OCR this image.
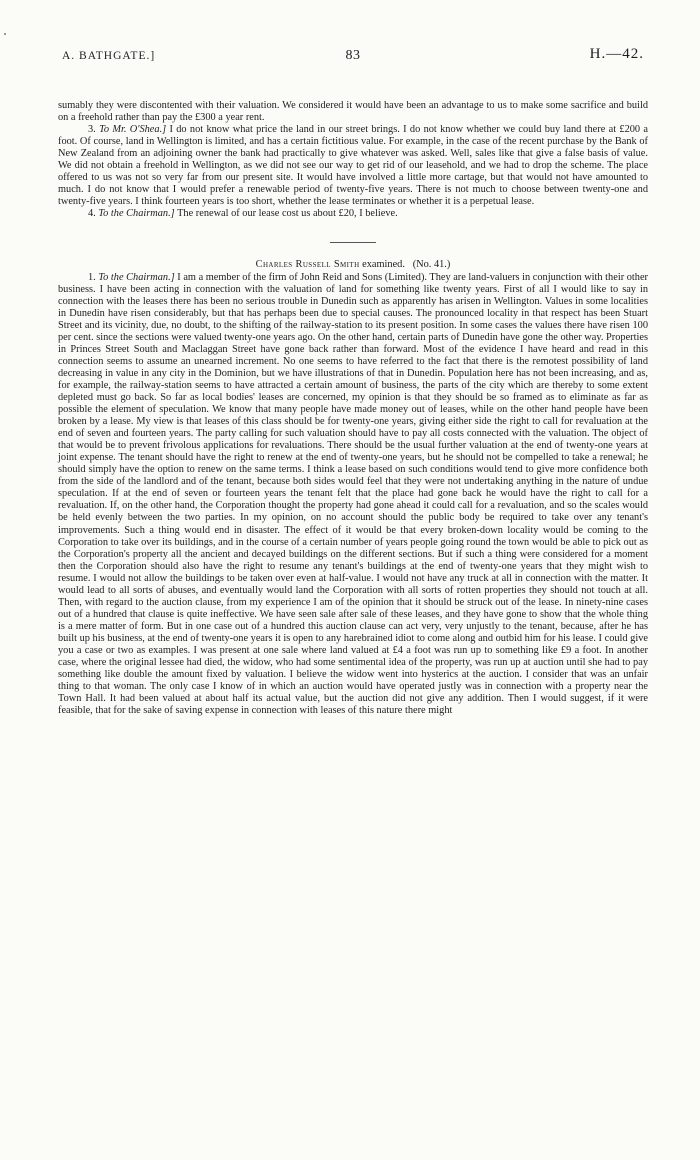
A. BATHGATE.]	83	H.—42.

sumably they were discontented with their valuation. We considered it would have been an advantage to us to make some sacrifice and build on a freehold rather than pay the £300 a year rent.

3. To Mr. O'Shea.] I do not know what price the land in our street brings. I do not know whether we could buy land there at £200 a foot. Of course, land in Wellington is limited, and has a certain fictitious value. For example, in the case of the recent purchase by the Bank of New Zealand from an adjoining owner the bank had practically to give whatever was asked. Well, sales like that give a false basis of value. We did not obtain a freehold in Wellington, as we did not see our way to get rid of our leasehold, and we had to drop the scheme. The place offered to us was not so very far from our present site. It would have involved a little more cartage, but that would not have amounted to much. I do not know that I would prefer a renewable period of twenty-five years. There is not much to choose between twenty-one and twenty-five years. I think fourteen years is too short, whether the lease terminates or whether it is a perpetual lease.

4. To the Chairman.] The renewal of our lease cost us about £20, I believe.

Charles Russell Smith examined. (No. 41.)

1. To the Chairman.] I am a member of the firm of John Reid and Sons (Limited). They are land-valuers in conjunction with their other business. I have been acting in connection with the valuation of land for something like twenty years. First of all I would like to say in connection with the leases there has been no serious trouble in Dunedin such as apparently has arisen in Wellington. Values in some localities in Dunedin have risen considerably, but that has perhaps been due to special causes. The pronounced locality in that respect has been Stuart Street and its vicinity, due, no doubt, to the shifting of the railway-station to its present position. In some cases the values there have risen 100 per cent. since the sections were valued twenty-one years ago. On the other hand, certain parts of Dunedin have gone the other way. Properties in Princes Street South and Maclaggan Street have gone back rather than forward. Most of the evidence I have heard and read in this connection seems to assume an unearned increment. No one seems to have referred to the fact that there is the remotest possibility of land decreasing in value in any city in the Dominion, but we have illustrations of that in Dunedin. Population here has not been increasing, and as, for example, the railway-station seems to have attracted a certain amount of business, the parts of the city which are thereby to some extent depleted must go back. So far as local bodies' leases are concerned, my opinion is that they should be so framed as to eliminate as far as possible the element of speculation. We know that many people have made money out of leases, while on the other hand people have been broken by a lease. My view is that leases of this class should be for twenty-one years, giving either side the right to call for revaluation at the end of seven and fourteen years. The party calling for such valuation should have to pay all costs connected with the valuation. The object of that would be to prevent frivolous applications for revaluations. There should be the usual further valuation at the end of twenty-one years at joint expense. The tenant should have the right to renew at the end of twenty-one years, but he should not be compelled to take a renewal; he should simply have the option to renew on the same terms. I think a lease based on such conditions would tend to give more confidence both from the side of the landlord and of the tenant, because both sides would feel that they were not undertaking anything in the nature of undue speculation. If at the end of seven or fourteen years the tenant felt that the place had gone back he would have the right to call for a revaluation. If, on the other hand, the Corporation thought the property had gone ahead it could call for a revaluation, and so the scales would be held evenly between the two parties. In my opinion, on no account should the public body be required to take over any tenant's improvements. Such a thing would end in disaster. The effect of it would be that every broken-down locality would be coming to the Corporation to take over its buildings, and in the course of a certain number of years people going round the town would be able to pick out as the Corporation's property all the ancient and decayed buildings on the different sections. But if such a thing were considered for a moment then the Corporation should also have the right to resume any tenant's buildings at the end of twenty-one years that they might wish to resume. I would not allow the buildings to be taken over even at half-value. I would not have any truck at all in connection with the matter. It would lead to all sorts of abuses, and eventually would land the Corporation with all sorts of rotten properties they should not touch at all. Then, with regard to the auction clause, from my experience I am of the opinion that it should be struck out of the lease. In ninety-nine cases out of a hundred that clause is quite ineffective. We have seen sale after sale of these leases, and they have gone to show that the whole thing is a mere matter of form. But in one case out of a hundred this auction clause can act very, very unjustly to the tenant, because, after he has built up his business, at the end of twenty-one years it is open to any harebrained idiot to come along and outbid him for his lease. I could give you a case or two as examples. I was present at one sale where land valued at £4 a foot was run up to something like £9 a foot. In another case, where the original lessee had died, the widow, who had some sentimental idea of the property, was run up at auction until she had to pay something like double the amount fixed by valuation. I believe the widow went into hysterics at the auction. I consider that was an unfair thing to that woman. The only case I know of in which an auction would have operated justly was in connection with a property near the Town Hall. It had been valued at about half its actual value, but the auction did not give any addition. Then I would suggest, if it were feasible, that for the sake of saving expense in connection with leases of this nature there might
